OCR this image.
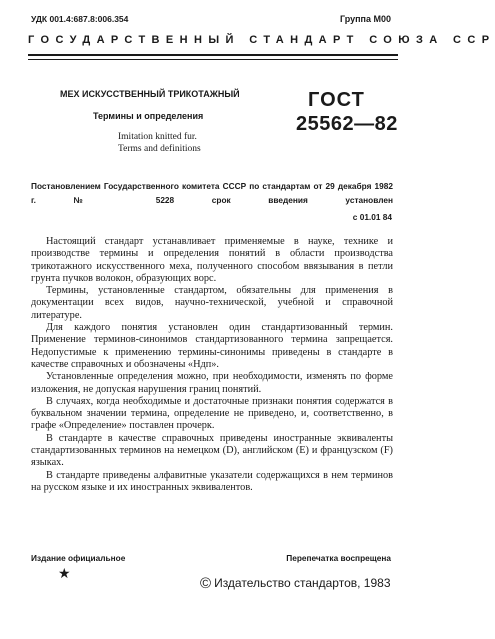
УДК 001.4:687.8:006.354	Группа М00
ГОСУДАРСТВЕННЫЙ СТАНДАРТ СОЮЗА ССР
МЕХ ИСКУССТВЕННЫЙ ТРИКОТАЖНЫЙ
Термины и определения
Imitation knitted fur.
Terms and definitions
ГОСТ
25562—82
Постановлением Государственного комитета СССР по стандартам от 29 декабря 1982 г. № 5228 срок введения установлен
с 01.01 84

Настоящий стандарт устанавливает применяемые в науке, технике и производстве термины и определения понятий в области производства трикотажного искусственного меха, полученного способом ввязывания в петли грунта пучков волокон, образующих ворс.

Термины, установленные стандартом, обязательны для применения в документации всех видов, научно-технической, учебной и справочной литературе.

Для каждого понятия установлен один стандартизованный термин. Применение терминов-синонимов стандартизованного термина запрещается. Недопустимые к применению термины-синонимы приведены в стандарте в качестве справочных и обозначены «Ндп».

Установленные определения можно, при необходимости, изменять по форме изложения, не допуская нарушения границ понятий.

В случаях, когда необходимые и достаточные признаки понятия содержатся в буквальном значении термина, определение не приведено, и, соответственно, в графе «Определение» поставлен прочерк.

В стандарте в качестве справочных приведены иностранные эквиваленты стандартизованных терминов на немецком (D), английском (E) и французском (F) языках.

В стандарте приведены алфавитные указатели содержащихся в нем терминов на русском языке и их иностранных эквивалентов.

Издание официальное
★
Перепечатка воспрещена
© Издательство стандартов, 1983
